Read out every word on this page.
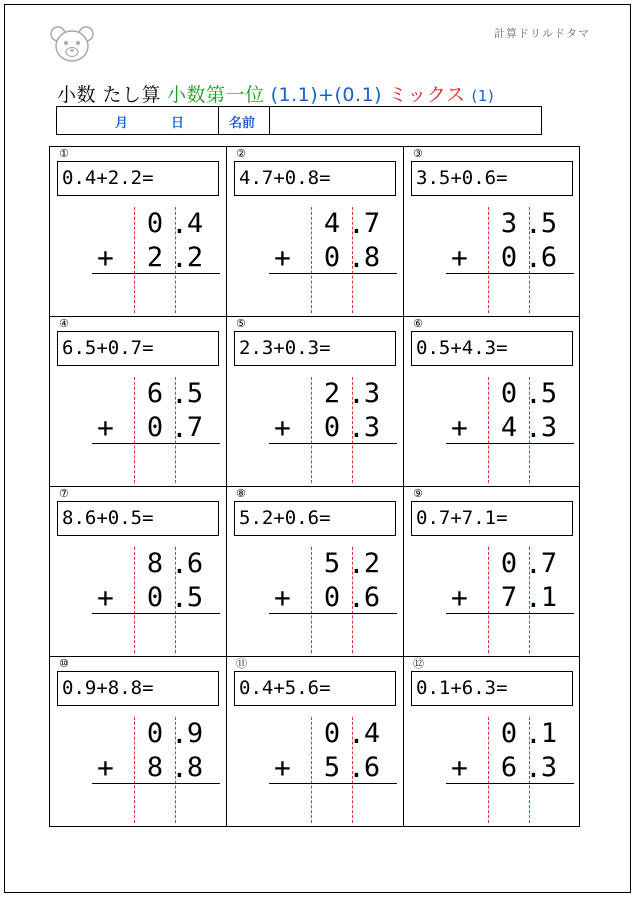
計算ドリルドタマ
小数 たし算 小数第一位 (1.1)+(0.1) ミックス (1)
月	日	名前
①
0.4+2.2=
0 . 4
+	2 . 2
②
4.7+0.8=
4 . 7
+	0 . 8
③
3.5+0.6=
3 . 5
+	0 . 6
④
6.5+0.7=
6 . 5
+	0 . 7
⑤
2.3+0.3=
2 . 3
+	0 . 3
⑥
0.5+4.3=
0 . 5
+	4 . 3
⑦
8.6+0.5=
8 . 6
+	0 . 5
⑧
5.2+0.6=
5 . 2
+	0 . 6
⑨
0.7+7.1=
0 . 7
+	7 . 1
⑩
0.9+8.8=
0 . 9
+	8 . 8
⑪
0.4+5.6=
0 . 4
+	5 . 6
⑫
0.1+6.3=
0 . 1
+	6 . 3
